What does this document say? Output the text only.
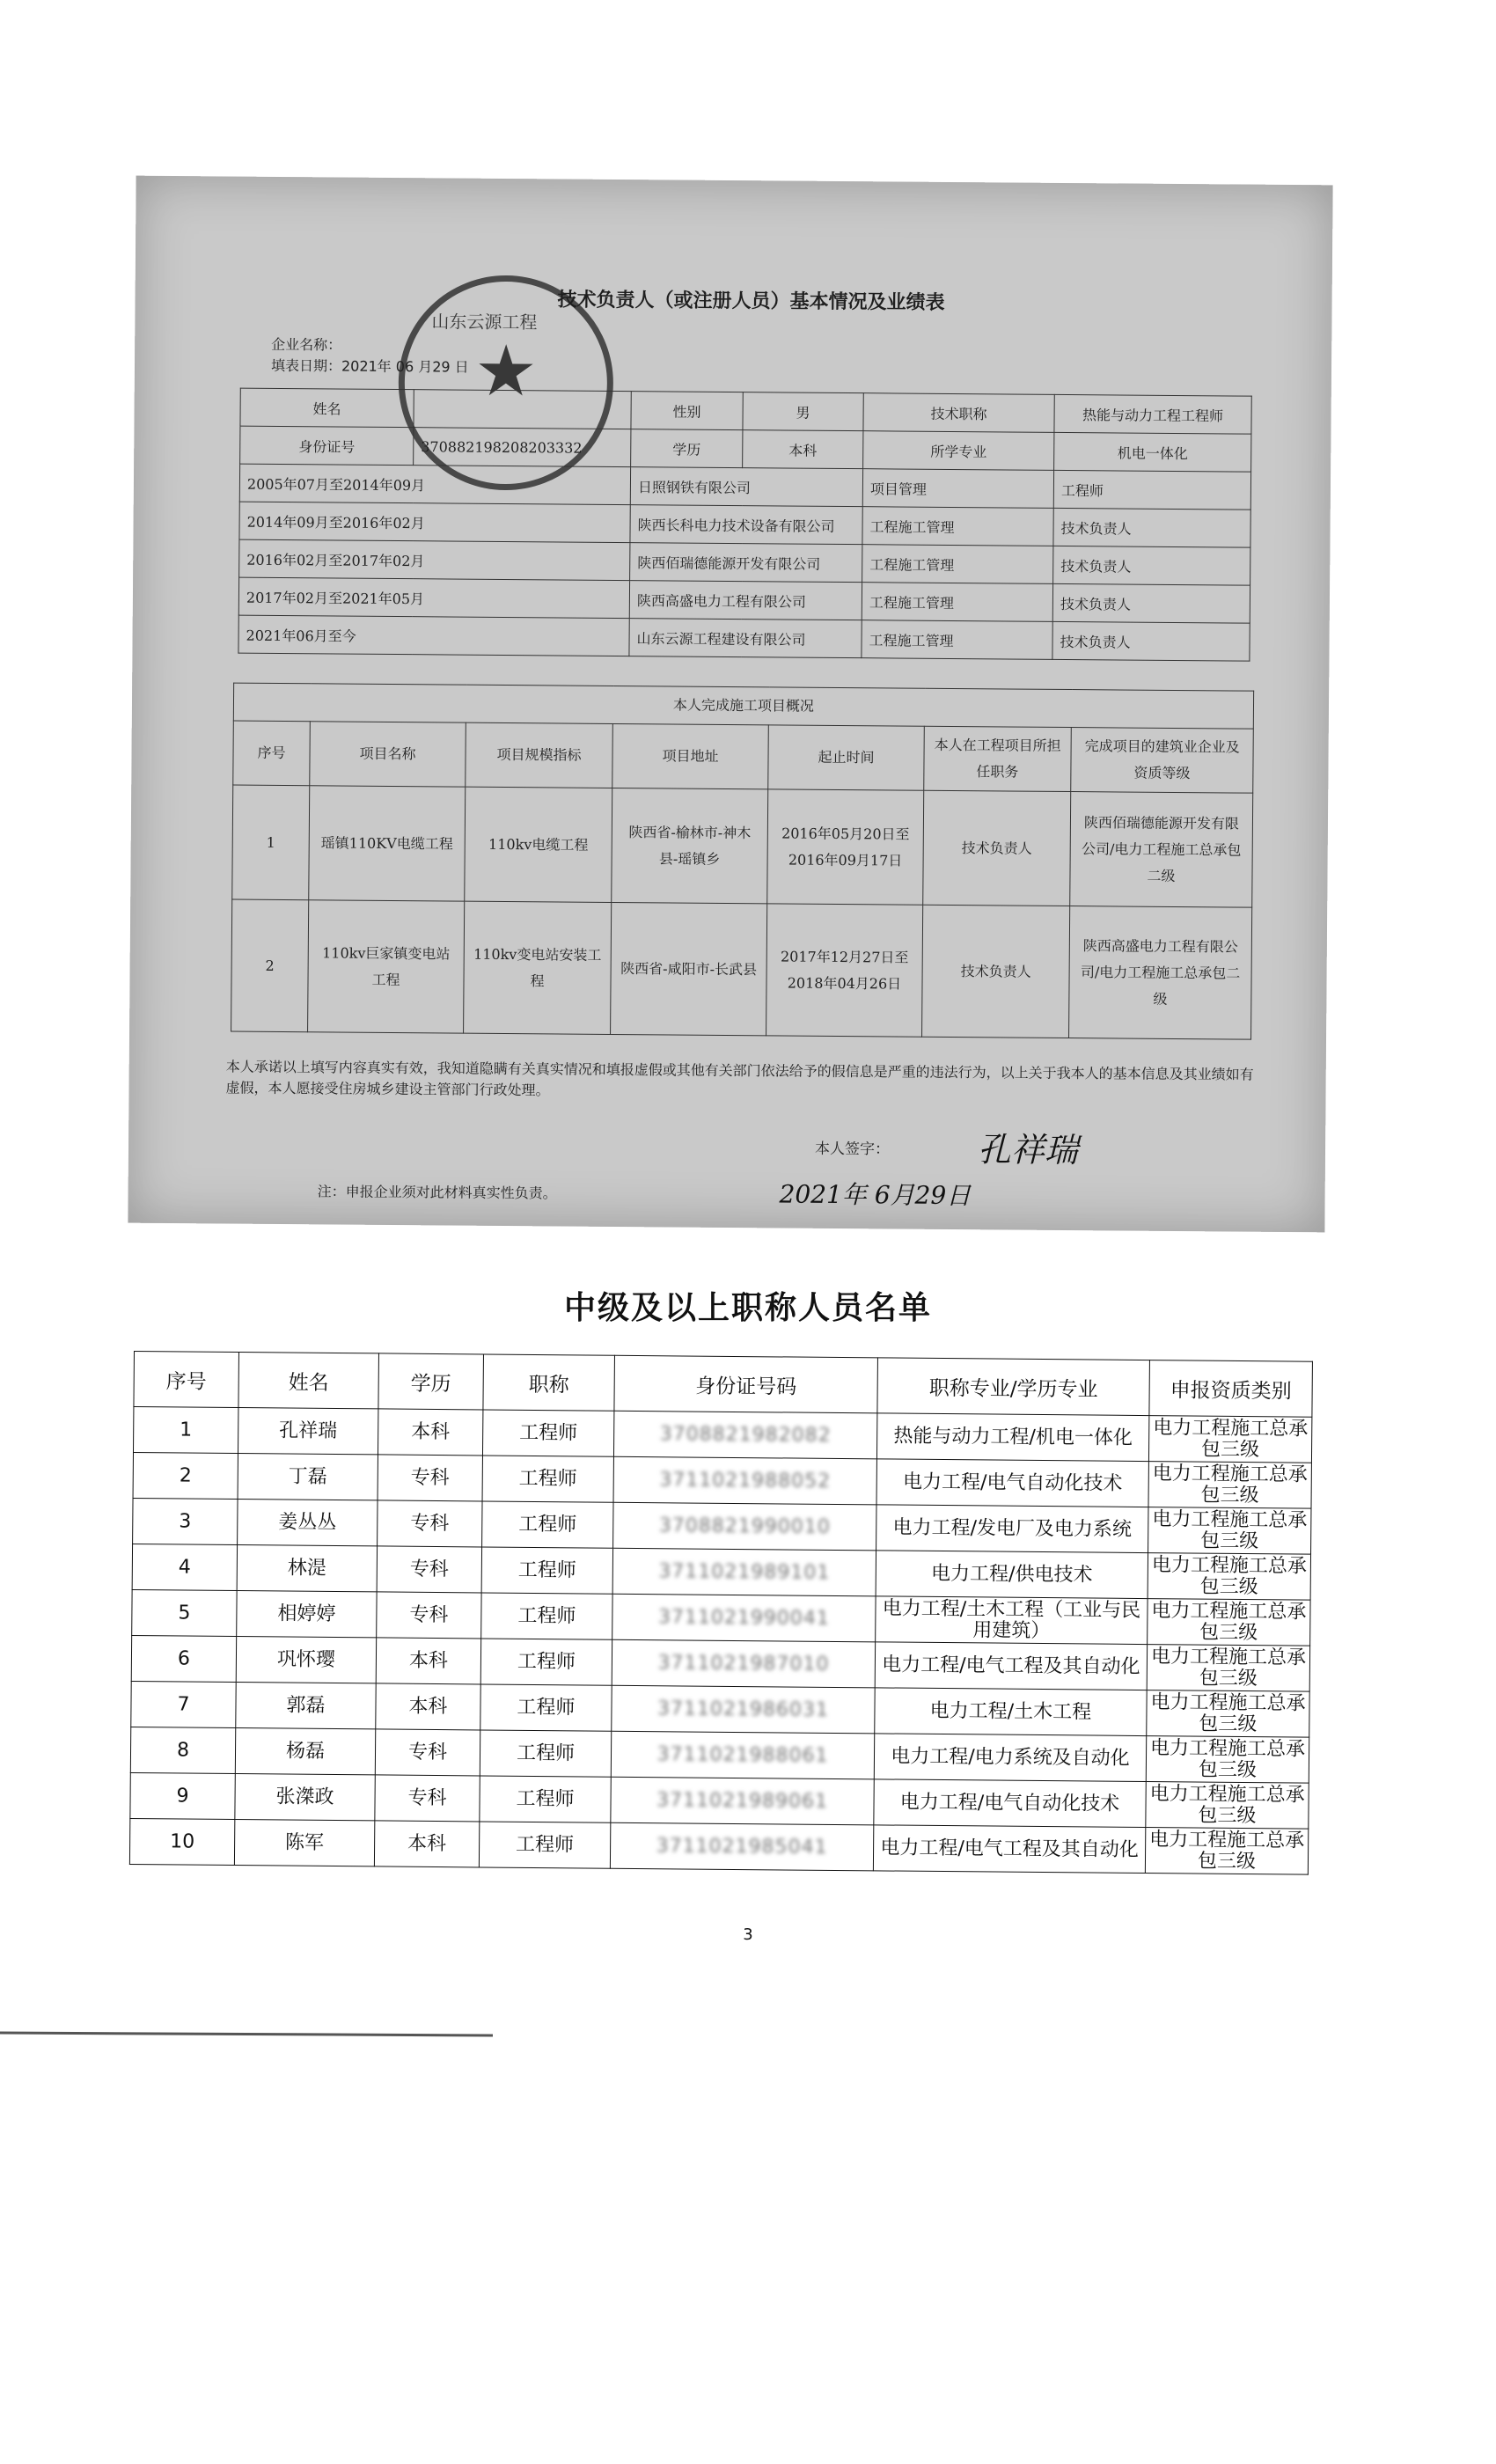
★
山东云源工程
技术负责人（或注册人员）基本情况及业绩表
企业名称：
填表日期：2021年 06 月29 日
姓名		性别	男	技术职称	热能与动力工程工程师
身份证号	370882198208203332	学历	本科	所学专业	机电一体化
2005年07月至2014年09月		日照钢铁有限公司		项目管理	工程师
2014年09月至2016年02月		陕西长科电力技术设备有限公司		工程施工管理	技术负责人
2016年02月至2017年02月		陕西佰瑞德能源开发有限公司		工程施工管理	技术负责人
2017年02月至2021年05月		陕西高盛电力工程有限公司		工程施工管理	技术负责人
2021年06月至今		山东云源工程建设有限公司		工程施工管理	技术负责人
本人完成施工项目概况						
序号	项目名称	项目规模指标	项目地址	起止时间	本人在工程项目所担任职务	完成项目的建筑业企业及资质等级
1	瑶镇110KV电缆工程	110kv电缆工程	陕西省-榆林市-神木县-瑶镇乡	2016年05月20日至2016年09月17日	技术负责人	陕西佰瑞德能源开发有限公司/电力工程施工总承包二级
2	110kv巨家镇变电站工程	110kv变电站安装工程	陕西省-咸阳市-长武县	2017年12月27日至2018年04月26日	技术负责人	陕西高盛电力工程有限公司/电力工程施工总承包二级
本人承诺以上填写内容真实有效，我知道隐瞒有关真实情况和填报虚假或其他有关部门依法给予的假信息是严重的违法行为，以上关于我本人的基本信息及其业绩如有虚假，本人愿接受住房城乡建设主管部门行政处理。
本人签字：	孔祥瑞
2021年 6月29日
注：申报企业须对此材料真实性负责。
中级及以上职称人员名单
序号	姓名	学历	职称	身份证号码	职称专业/学历专业	申报资质类别
1	孔祥瑞	本科	工程师	3708821982082	热能与动力工程/机电一体化	电力工程施工总承包三级
2	丁磊	专科	工程师	3711021988052	电力工程/电气自动化技术	电力工程施工总承包三级
3	姜丛丛	专科	工程师	3708821990010	电力工程/发电厂及电力系统	电力工程施工总承包三级
4	林湜	专科	工程师	3711021989101	电力工程/供电技术	电力工程施工总承包三级
5	相婷婷	专科	工程师	3711021990041	电力工程/土木工程（工业与民用建筑）	电力工程施工总承包三级
6	巩怀璎	本科	工程师	3711021987010	电力工程/电气工程及其自动化	电力工程施工总承包三级
7	郭磊	本科	工程师	3711021986031	电力工程/土木工程	电力工程施工总承包三级
8	杨磊	专科	工程师	3711021988061	电力工程/电力系统及自动化	电力工程施工总承包三级
9	张滐政	专科	工程师	3711021989061	电力工程/电气自动化技术	电力工程施工总承包三级
10	陈军	本科	工程师	3711021985041	电力工程/电气工程及其自动化	电力工程施工总承包三级
3
